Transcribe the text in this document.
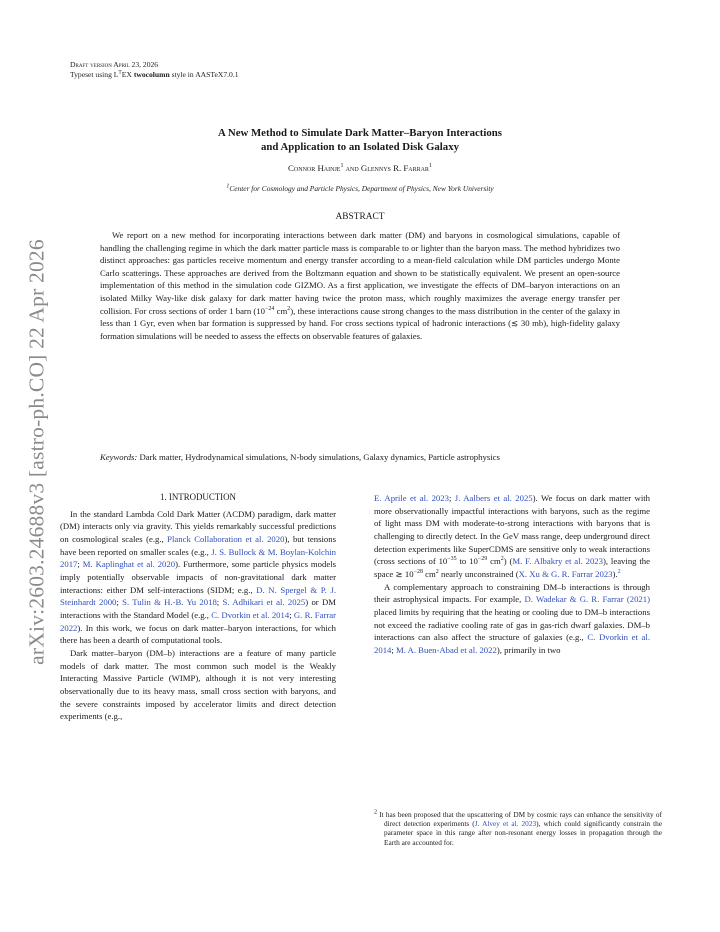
arXiv:2603.24688v3 [astro-ph.CO] 22 Apr 2026
Draft version April 23, 2026
Typeset using $L^TEX$ twocolumn style in AASTeX7.0.1
A New Method to Simulate Dark Matter–Baryon Interactions
and Application to an Isolated Disk Galaxy
Connor Hainje$^1$ and Glennys R. Farrar$^1$
$^1$Center for Cosmology and Particle Physics, Department of Physics, New York University
ABSTRACT

We report on a new method for incorporating interactions between dark matter (DM) and baryons in cosmological simulations, capable of handling the challenging regime in which the dark matter particle mass is comparable to or lighter than the baryon mass. The method hybridizes two distinct approaches: gas particles receive momentum and energy transfer according to a mean-field calculation while DM particles undergo Monte Carlo scatterings. These approaches are derived from the Boltzmann equation and shown to be statistically equivalent. We present an open-source implementation of this method in the simulation code GIZMO. As a first application, we investigate the effects of DM–baryon interactions on an isolated Milky Way-like disk galaxy for dark matter having twice the proton mass, which roughly maximizes the average energy transfer per collision. For cross sections of order 1 barn ($10^{-24}$ $cm^2$), these interactions cause strong changes to the mass distribution in the center of the galaxy in less than 1 Gyr, even when bar formation is suppressed by hand. For cross sections typical of hadronic interactions (≲ 30 mb), high-fidelity galaxy formation simulations will be needed to assess the effects on observable features of galaxies.

Keywords: Dark matter, Hydrodynamical simulations, N-body simulations, Galaxy dynamics, Particle astrophysics

1. INTRODUCTION

In the standard Lambda Cold Dark Matter (ΛCDM) paradigm, dark matter (DM) interacts only via gravity. This yields remarkably successful predictions on cosmological scales (e.g., Planck Collaboration et al. 2020), but tensions have been reported on smaller scales (e.g., J. S. Bullock & M. Boylan-Kolchin 2017; M. Kaplinghat et al. 2020). Furthermore, some particle physics models imply potentially observable impacts of non-gravitational dark matter interactions: either DM self-interactions (SIDM; e.g., D. N. Spergel & P. J. Steinhardt 2000; S. Tulin & H.-B. Yu 2018; S. Adhikari et al. 2025) or DM interactions with the Standard Model (e.g., C. Dvorkin et al. 2014; G. R. Farrar 2022). In this work, we focus on dark matter–baryon interactions, for which there has been a dearth of computational tools.

Dark matter–baryon (DM–b) interactions are a feature of many particle models of dark matter. The most common such model is the Weakly Interacting Massive Particle (WIMP), although it is not very interesting observationally due to its heavy mass, small cross section with baryons, and the severe constraints imposed by accelerator limits and direct detection experiments (e.g.,

E. Aprile et al. 2023; J. Aalbers et al. 2025). We focus on dark matter with more observationally impactful interactions with baryons, such as the regime of light mass DM with moderate-to-strong interactions with baryons that is challenging to directly detect. In the GeV mass range, deep underground direct detection experiments like SuperCDMS are sensitive only to weak interactions (cross sections of $10^{-35}$ to $10^{-29}$ $cm^2$) (M. F. Albakry et al. 2023), leaving the space ≳ $10^{-28}$ $cm^2$ nearly unconstrained (X. Xu & G. R. Farrar 2023).$^2$

A complementary approach to constraining DM–b interactions is through their astrophysical impacts. For example, D. Wadekar & G. R. Farrar (2021) placed limits by requiring that the heating or cooling due to DM–b interactions not exceed the radiative cooling rate of gas in gas-rich dwarf galaxies. DM–b interactions can also affect the structure of galaxies (e.g., C. Dvorkin et al. 2014; M. A. Buen-Abad et al. 2022), primarily in two

$^2$ It has been proposed that the upscattering of DM by cosmic rays can enhance the sensitivity of direct detection experiments (J. Alvey et al. 2023), which could significantly constrain the parameter space in this range after non-resonant energy losses in propagation through the Earth are accounted for.
